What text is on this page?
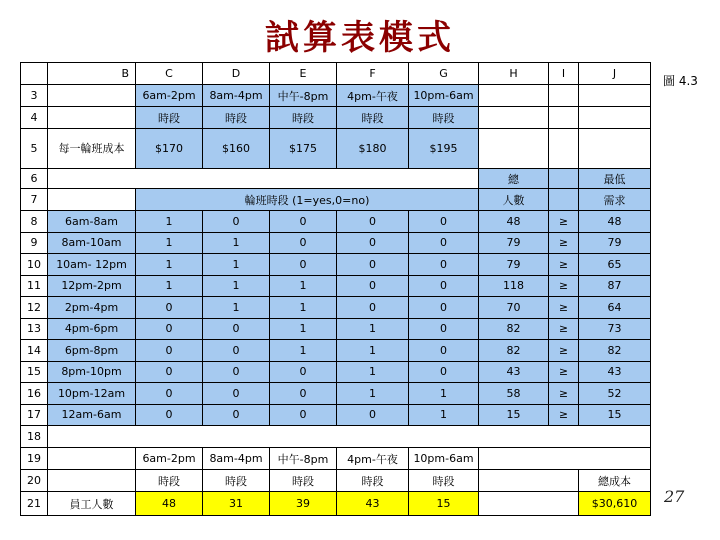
試算表模式
圖 4.3
27
	B	C	D	E	F	G	H	I	J
3		6am-2pm	8am-4pm	中午-8pm	4pm-午夜	10pm-6am			
4		時段	時段	時段	時段	時段			
5	每一輪班成本	$170	$160	$175	$180	$195			
6							總		最低
7		輪班時段 (1=yes,0=no)					人數		需求
8	6am-8am	1	0	0	0	0	48	≥	48
9	8am-10am	1	1	0	0	0	79	≥	79
10	10am- 12pm	1	1	0	0	0	79	≥	65
11	12pm-2pm	1	1	1	0	0	118	≥	87
12	2pm-4pm	0	1	1	0	0	70	≥	64
13	4pm-6pm	0	0	1	1	0	82	≥	73
14	6pm-8pm	0	0	1	1	0	82	≥	82
15	8pm-10pm	0	0	0	1	0	43	≥	43
16	10pm-12am	0	0	0	1	1	58	≥	52
17	12am-6am	0	0	0	0	1	15	≥	15
18									
19		6am-2pm	8am-4pm	中午-8pm	4pm-午夜	10pm-6am			
20		時段	時段	時段	時段	時段			總成本
21	員工人數	48	31	39	43	15			$30,610
